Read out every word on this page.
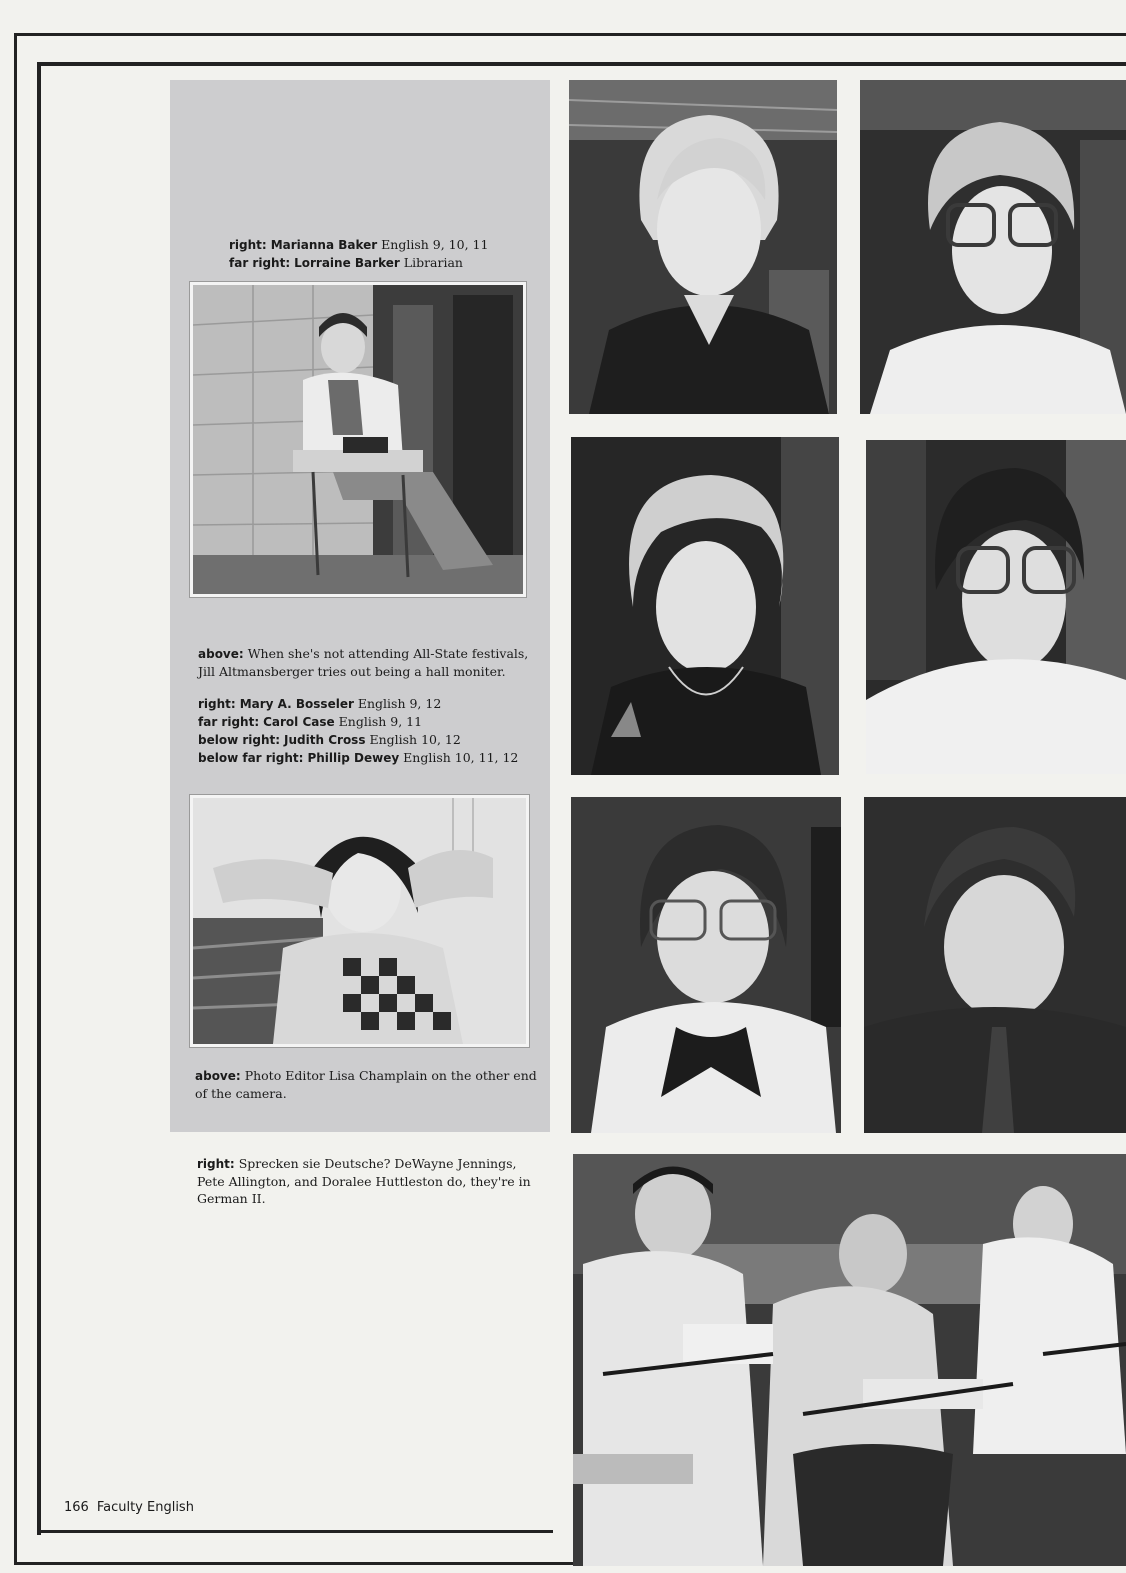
right: Marianna Baker English 9, 10, 11
far right: Lorraine Barker Librarian
above: When she's not attending All-State festivals,
Jill Altmansberger tries out being a hall moniter.
right: Mary A. Bosseler English 9, 12
far right: Carol Case English 9, 11
below right: Judith Cross English 10, 12
below far right: Phillip Dewey English 10, 11, 12
above: Photo Editor Lisa Champlain on the other end
of the camera.
right: Sprecken sie Deutsche? DeWayne Jennings,
Pete Allington, and Doralee Huttleston do, they're in
German II.
166 Faculty English
